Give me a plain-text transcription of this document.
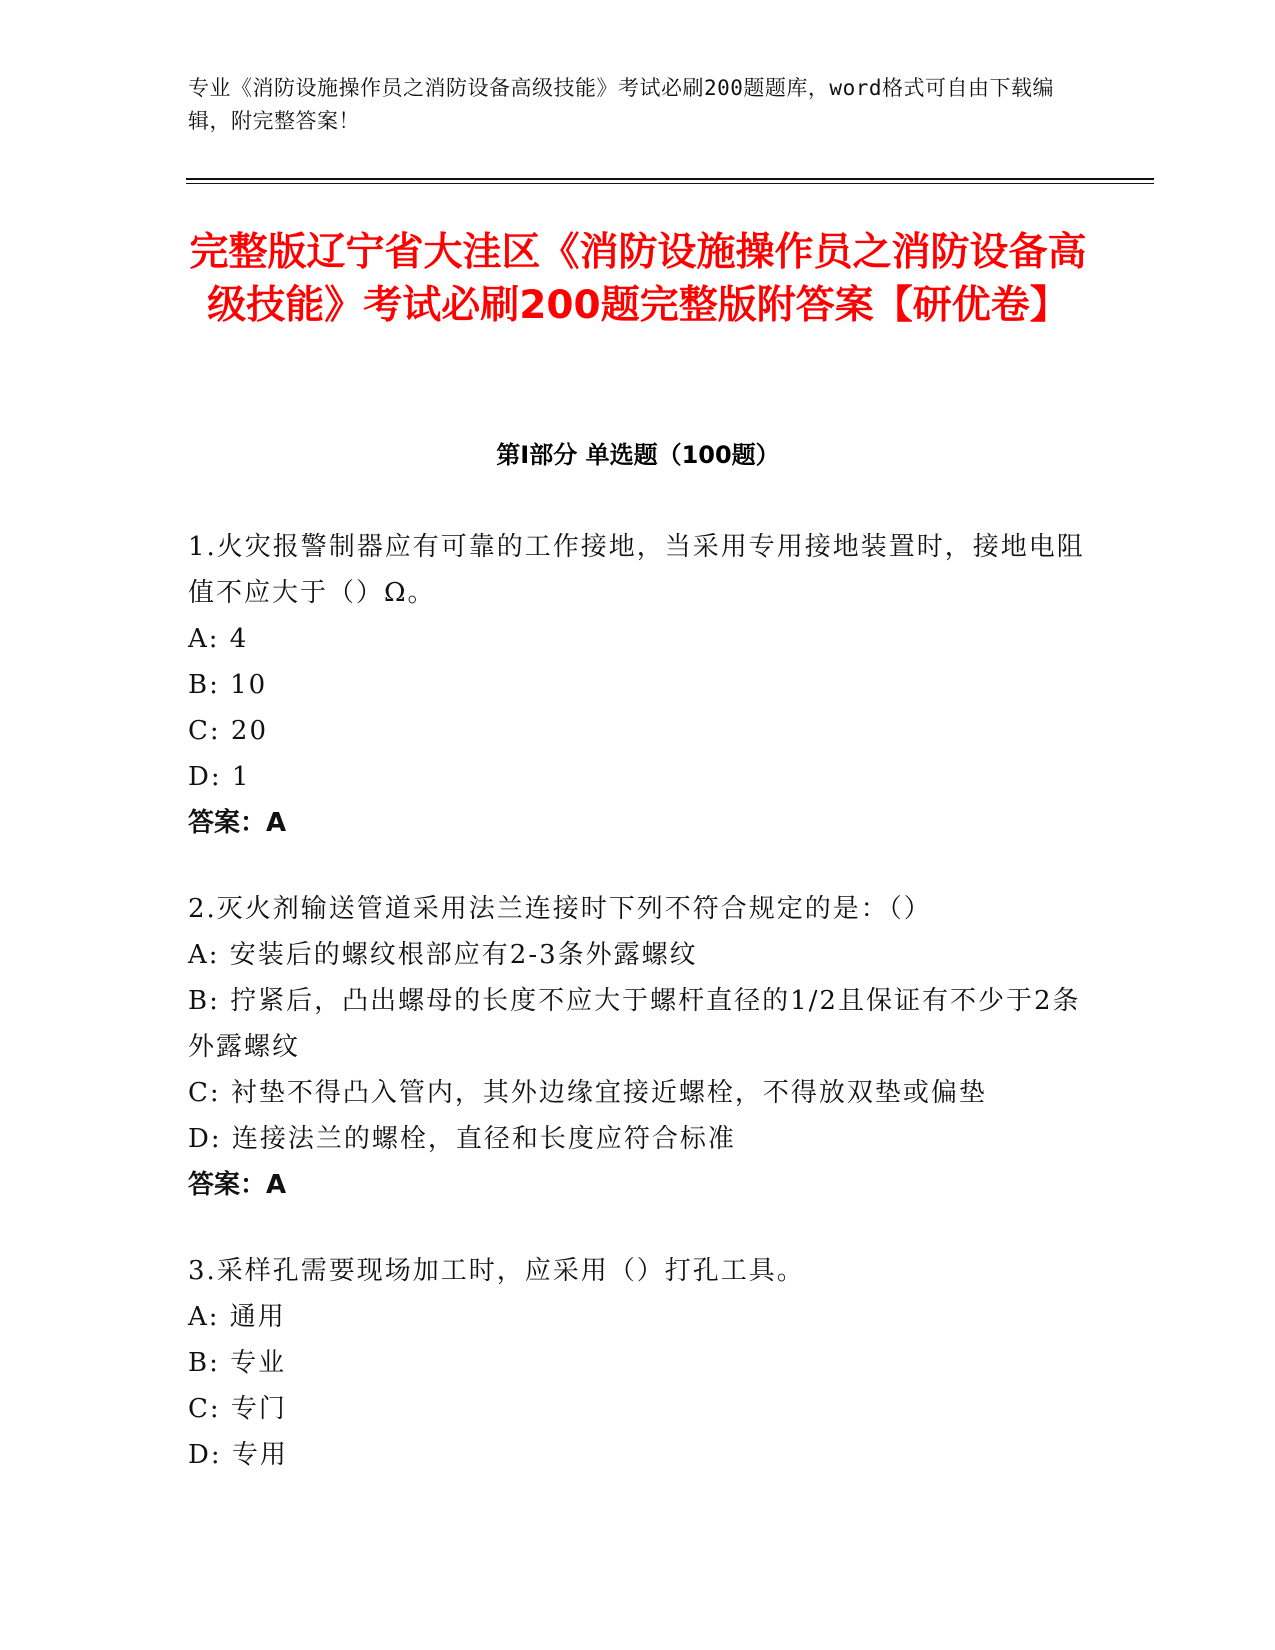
专业《消防设施操作员之消防设备高级技能》考试必刷200题题库，word格式可自由下载编辑，附完整答案！
完整版辽宁省大洼区《消防设施操作员之消防设备高级技能》考试必刷200题完整版附答案【研优卷】
第I部分 单选题（100题）
1.火灾报警制器应有可靠的工作接地，当采用专用接地装置时，接地电阻值不应大于（）Ω。
A: 4
B: 10
C: 20
D: 1
答案：A
2.灭火剂输送管道采用法兰连接时下列不符合规定的是：（）
A: 安装后的螺纹根部应有2-3条外露螺纹
B: 拧紧后，凸出螺母的长度不应大于螺杆直径的1/2且保证有不少于2条外露螺纹
C: 衬垫不得凸入管内，其外边缘宜接近螺栓，不得放双垫或偏垫
D: 连接法兰的螺栓，直径和长度应符合标准
答案：A
3.采样孔需要现场加工时，应采用（）打孔工具。
A: 通用
B: 专业
C: 专门
D: 专用
